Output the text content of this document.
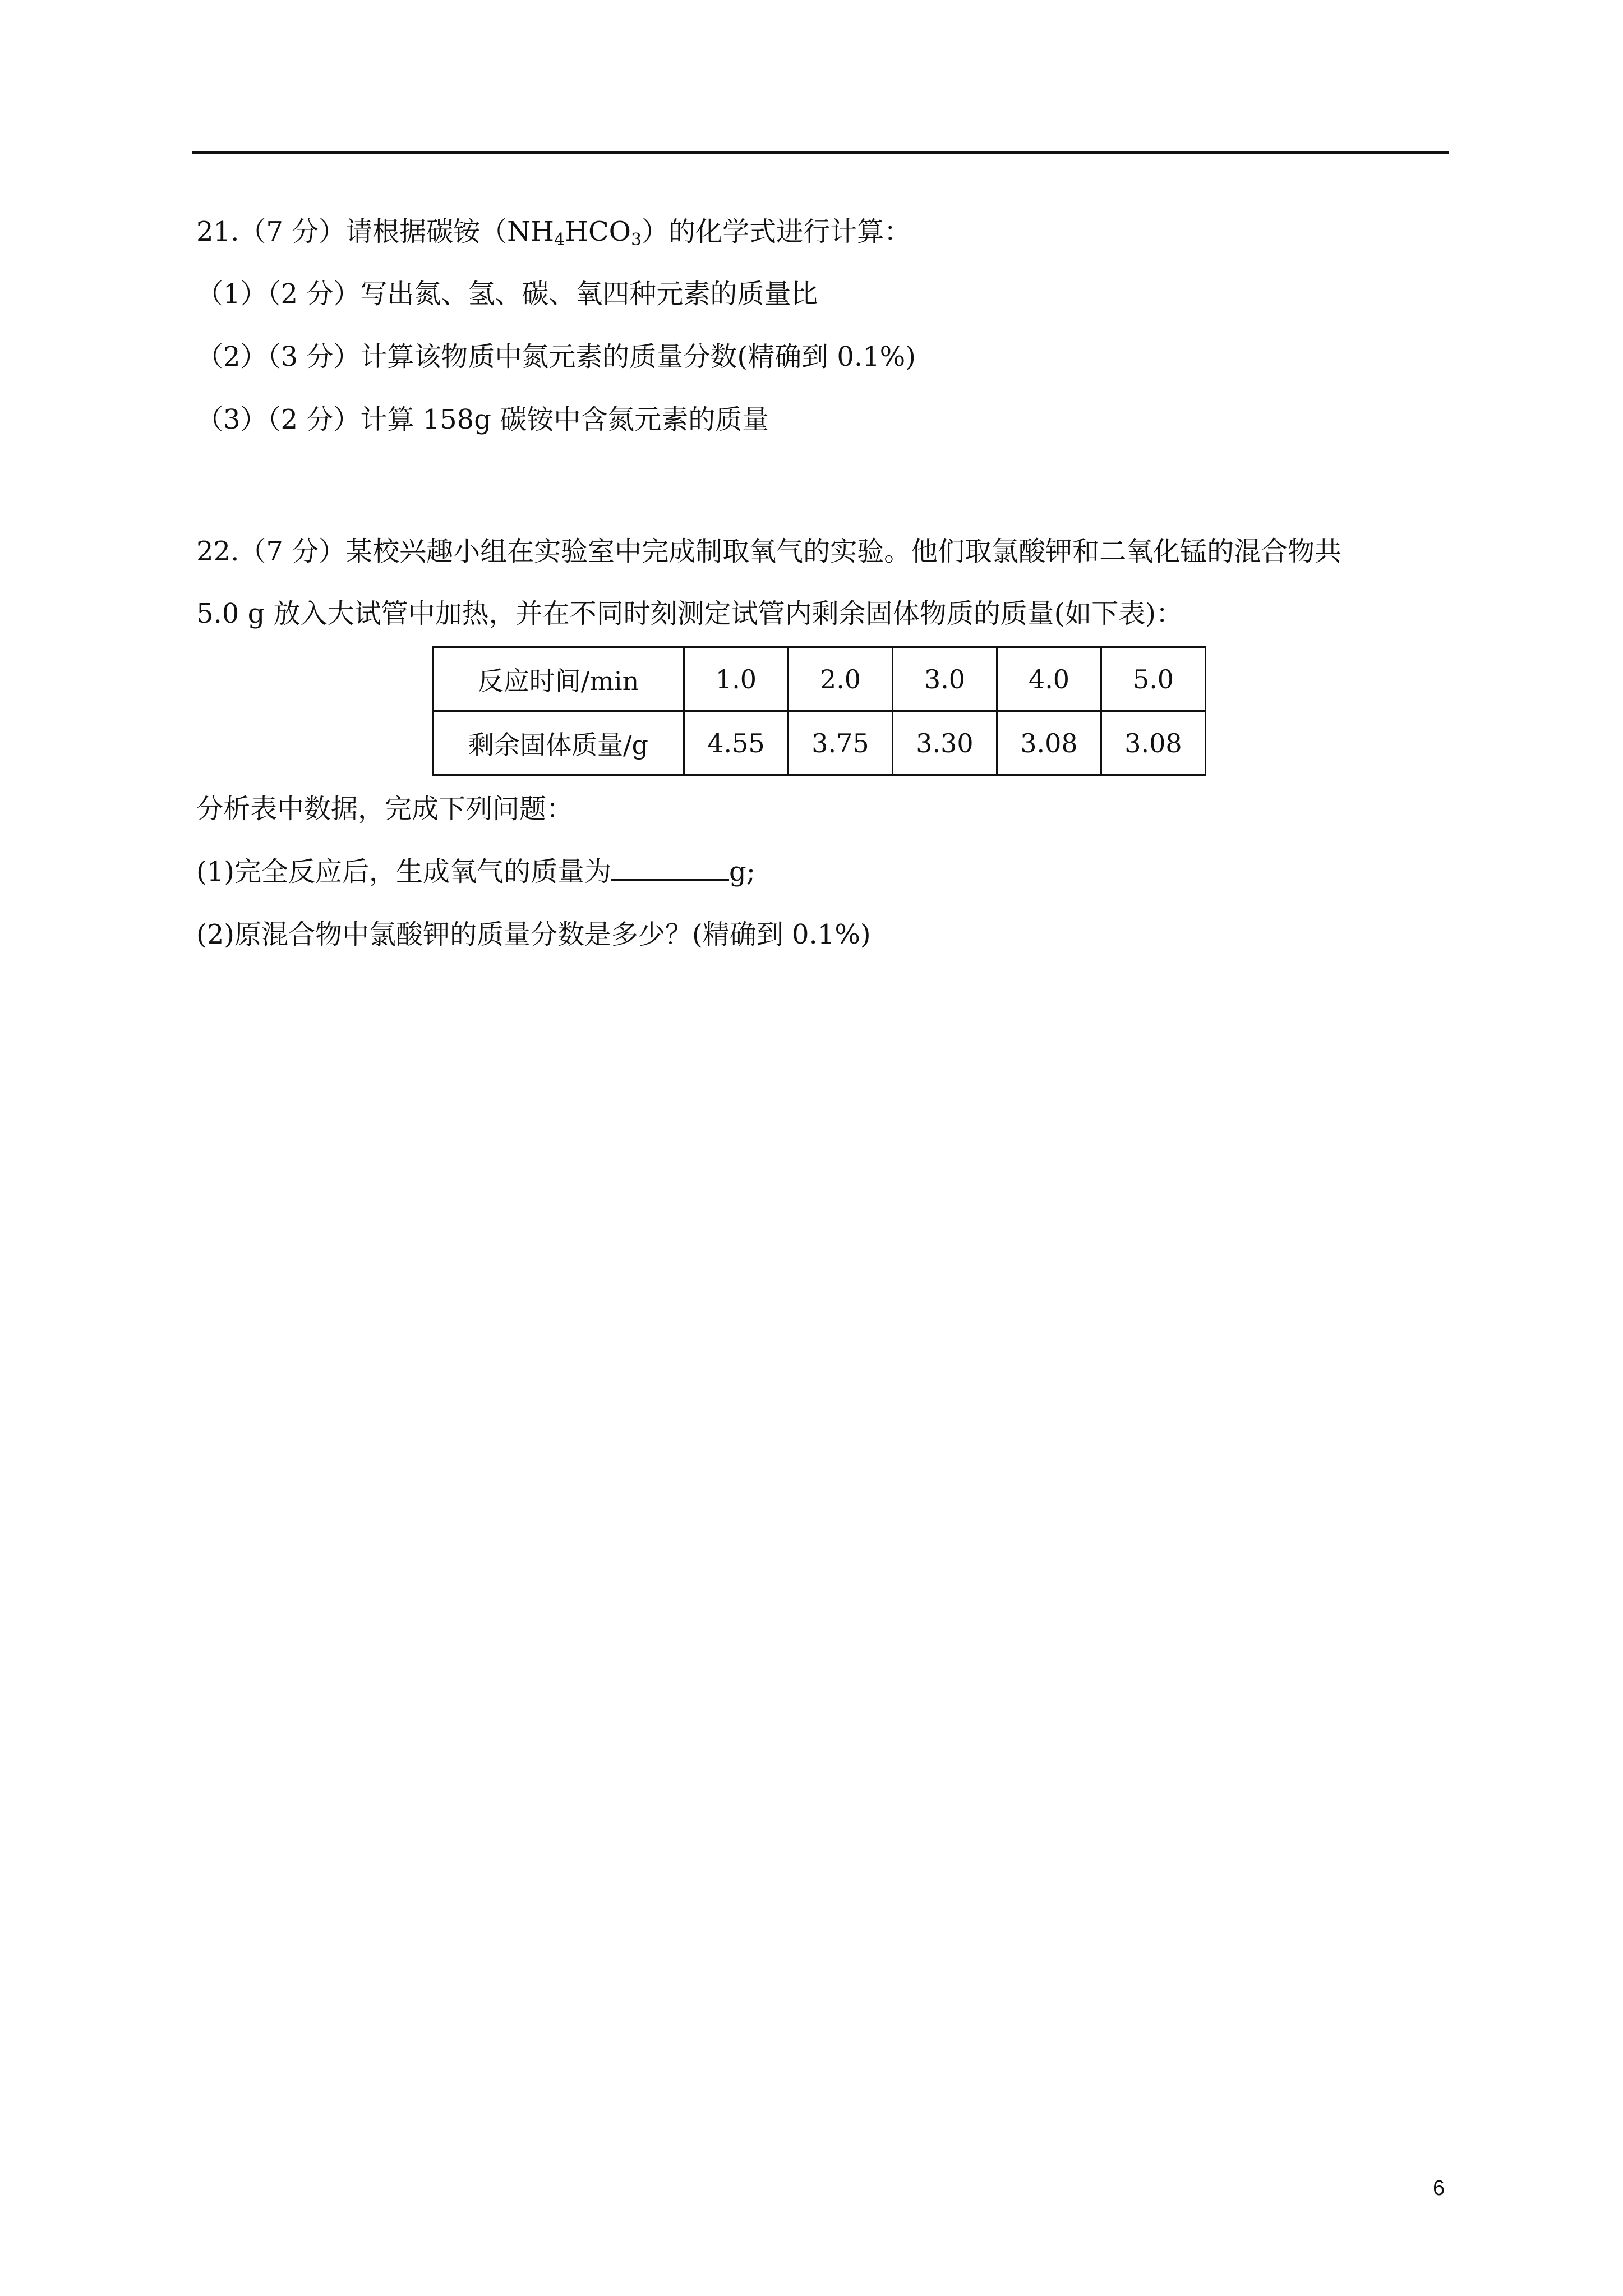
21.（7 分）请根据碳铵$(NH_4HCO_3)$的化学式进行计算：
（1）（2 分）写出氮、氢、碳、氧四种元素的质量比
（2）（3 分）计算该物质中氮元素的质量分数(精确到 0.1%)
（3）（2 分）计算 158g 碳铵中含氮元素的质量
22.（7 分）某校兴趣小组在实验室中完成制取氧气的实验。他们取氯酸钾和二氧化锰的混合物共
5.0 g 放入大试管中加热，并在不同时刻测定试管内剩余固体物质的质量(如下表)：
反应时间/min	1.0	2.0	3.0	4.0	5.0
剩余固体质量/g	4.55	3.75	3.30	3.08	3.08
分析表中数据，完成下列问题：
(1)完全反应后，生成氧气的质量为	g;
(2)原混合物中氯酸钾的质量分数是多少？(精确到 0.1%)
6
